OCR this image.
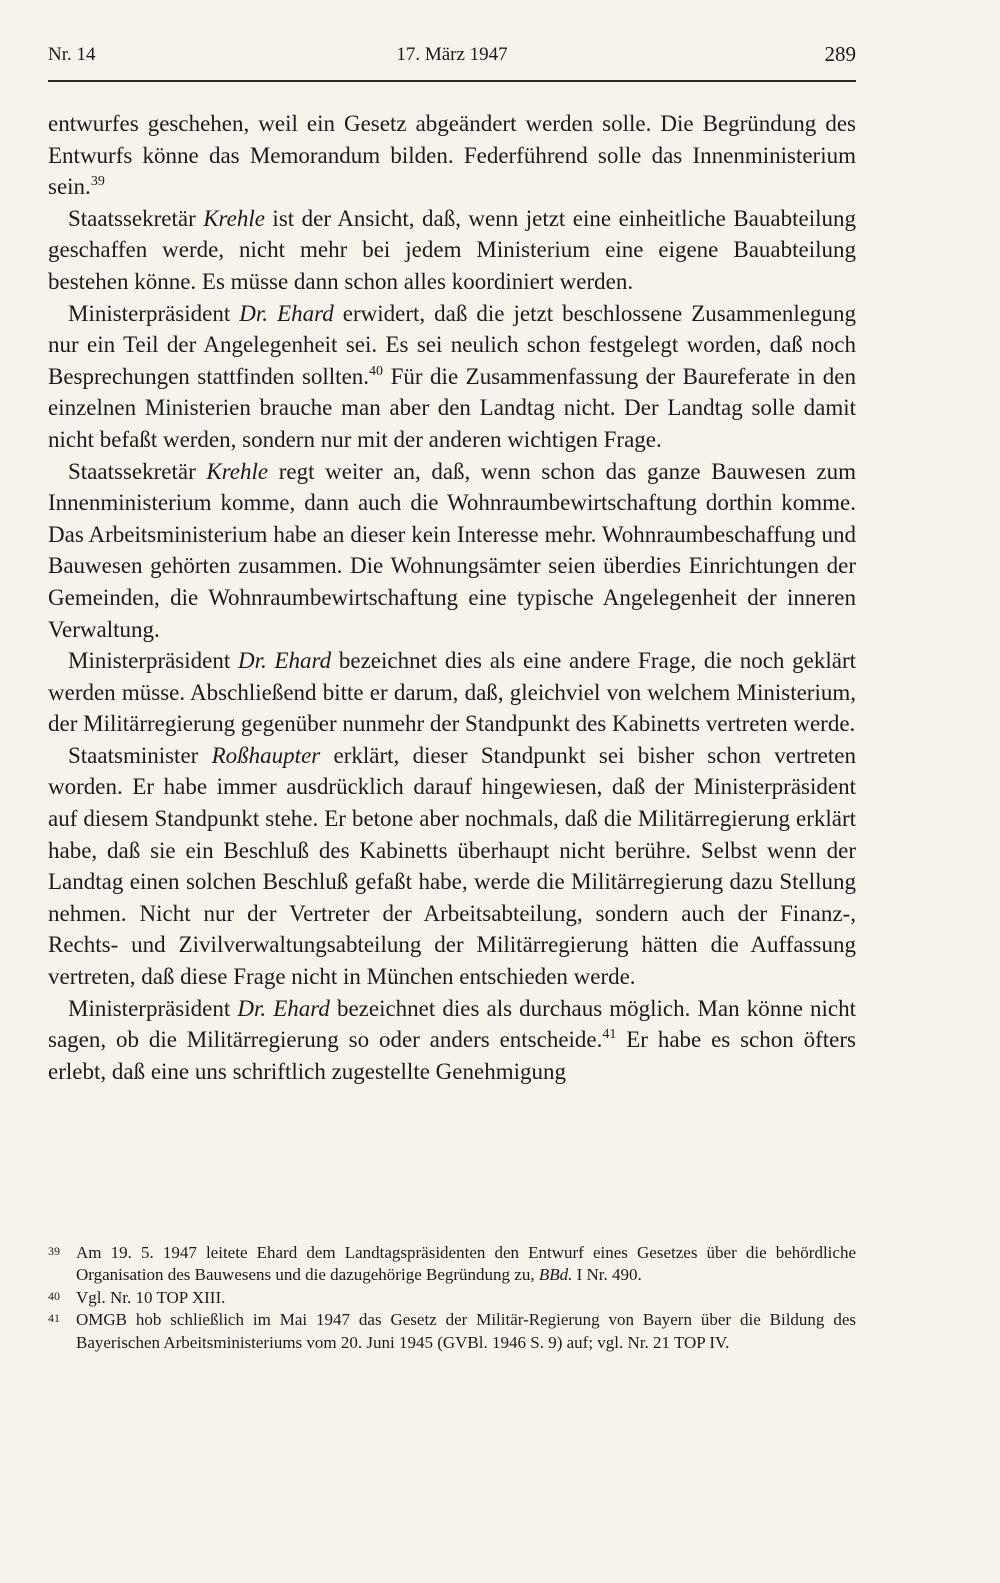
Nr. 14	17. März 1947	289

entwurfes geschehen, weil ein Gesetz abgeändert werden solle. Die Begründung des Entwurfs könne das Memorandum bilden. Federführend solle das Innenministerium sein.$^{39}$

Staatssekretär Krehle ist der Ansicht, daß, wenn jetzt eine einheitliche Bauabteilung geschaffen werde, nicht mehr bei jedem Ministerium eine eigene Bauabteilung bestehen könne. Es müsse dann schon alles koordiniert werden.

Ministerpräsident Dr. Ehard erwidert, daß die jetzt beschlossene Zusammenlegung nur ein Teil der Angelegenheit sei. Es sei neulich schon festgelegt worden, daß noch Besprechungen stattfinden sollten.$^{40}$ Für die Zusammenfassung der Baureferate in den einzelnen Ministerien brauche man aber den Landtag nicht. Der Landtag solle damit nicht befaßt werden, sondern nur mit der anderen wichtigen Frage.

Staatssekretär Krehle regt weiter an, daß, wenn schon das ganze Bauwesen zum Innenministerium komme, dann auch die Wohnraumbewirtschaftung dorthin komme. Das Arbeitsministerium habe an dieser kein Interesse mehr. Wohnraumbeschaffung und Bauwesen gehörten zusammen. Die Wohnungsämter seien überdies Einrichtungen der Gemeinden, die Wohnraumbewirtschaftung eine typische Angelegenheit der inneren Verwaltung.

Ministerpräsident Dr. Ehard bezeichnet dies als eine andere Frage, die noch geklärt werden müsse. Abschließend bitte er darum, daß, gleichviel von welchem Ministerium, der Militärregierung gegenüber nunmehr der Standpunkt des Kabinetts vertreten werde.

Staatsminister Roßhaupter erklärt, dieser Standpunkt sei bisher schon vertreten worden. Er habe immer ausdrücklich darauf hingewiesen, daß der Ministerpräsident auf diesem Standpunkt stehe. Er betone aber nochmals, daß die Militärregierung erklärt habe, daß sie ein Beschluß des Kabinetts überhaupt nicht berühre. Selbst wenn der Landtag einen solchen Beschluß gefaßt habe, werde die Militärregierung dazu Stellung nehmen. Nicht nur der Vertreter der Arbeitsabteilung, sondern auch der Finanz-, Rechts- und Zivilverwaltungsabteilung der Militärregierung hätten die Auffassung vertreten, daß diese Frage nicht in München entschieden werde.

Ministerpräsident Dr. Ehard bezeichnet dies als durchaus möglich. Man könne nicht sagen, ob die Militärregierung so oder anders entscheide.$^{41}$ Er habe es schon öfters erlebt, daß eine uns schriftlich zugestellte Genehmigung

39 Am 19. 5. 1947 leitete Ehard dem Landtagspräsidenten den Entwurf eines Gesetzes über die behördliche Organisation des Bauwesens und die dazugehörige Begründung zu, BBd. I Nr. 490.
40 Vgl. Nr. 10 TOP XIII.
41 OMGB hob schließlich im Mai 1947 das Gesetz der Militär-Regierung von Bayern über die Bildung des Bayerischen Arbeitsministeriums vom 20. Juni 1945 (GVBl. 1946 S. 9) auf; vgl. Nr. 21 TOP IV.
